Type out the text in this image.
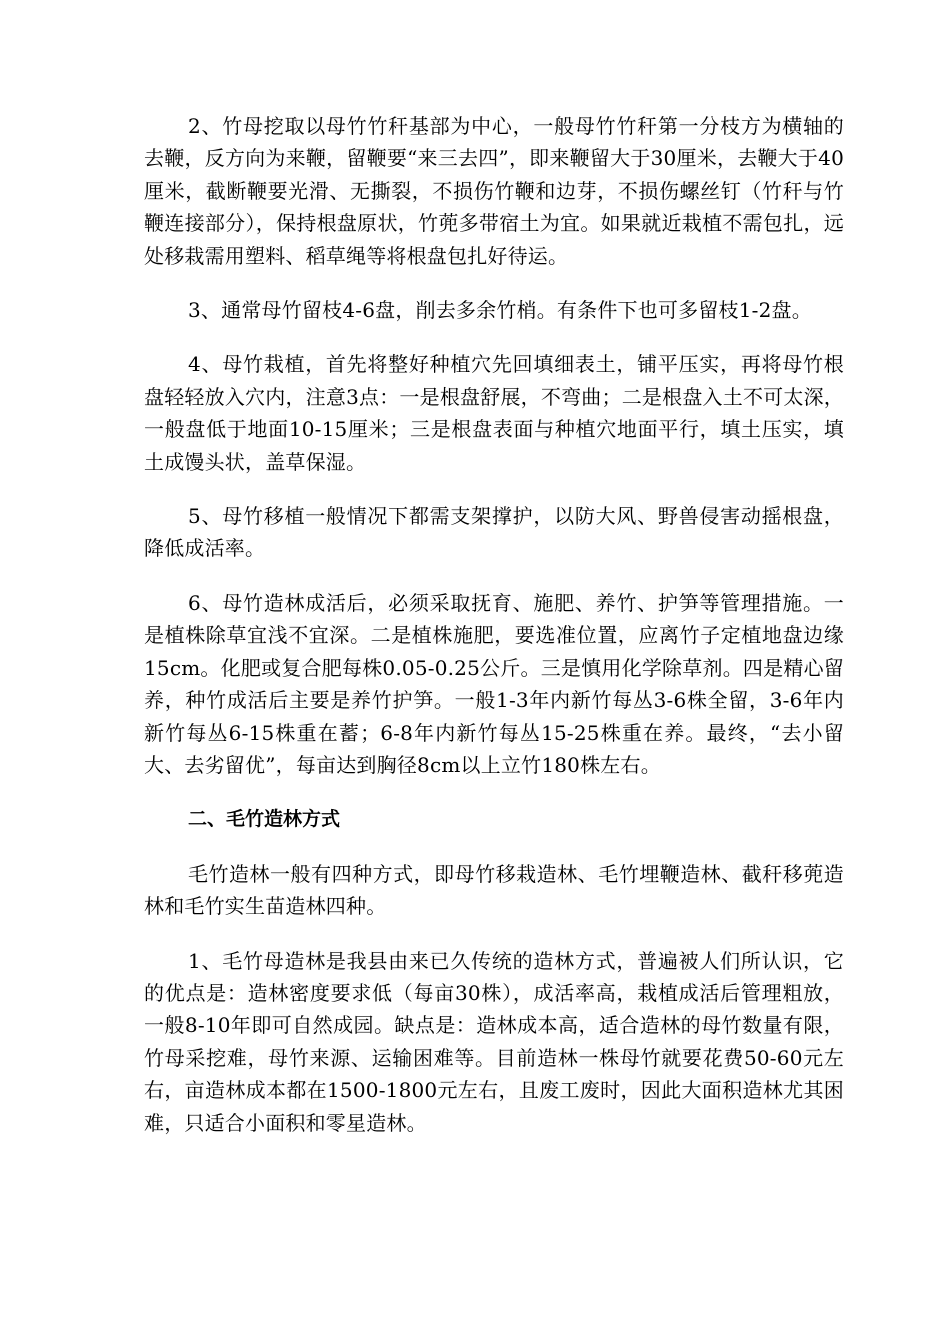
2、竹母挖取以母竹竹秆基部为中心，一般母竹竹秆第一分枝方为横轴的去鞭，反方向为来鞭，留鞭要“来三去四”，即来鞭留大于30厘米，去鞭大于40厘米，截断鞭要光滑、无撕裂，不损伤竹鞭和边芽，不损伤螺丝钉（竹秆与竹鞭连接部分），保持根盘原状，竹蔸多带宿土为宜。如果就近栽植不需包扎，远处移栽需用塑料、稻草绳等将根盘包扎好待运。

3、通常母竹留枝4-6盘，削去多余竹梢。有条件下也可多留枝1-2盘。

4、母竹栽植，首先将整好种植穴先回填细表土，铺平压实，再将母竹根盘轻轻放入穴内，注意3点：一是根盘舒展，不弯曲；二是根盘入土不可太深，一般盘低于地面10-15厘米；三是根盘表面与种植穴地面平行，填土压实，填土成馒头状，盖草保湿。

5、母竹移植一般情况下都需支架撑护，以防大风、野兽侵害动摇根盘，降低成活率。

6、母竹造林成活后，必须采取抚育、施肥、养竹、护笋等管理措施。一是植株除草宜浅不宜深。二是植株施肥，要选准位置，应离竹子定植地盘边缘15cm。化肥或复合肥每株0.05-0.25公斤。三是慎用化学除草剂。四是精心留养，种竹成活后主要是养竹护笋。一般1-3年内新竹每丛3-6株全留，3-6年内新竹每丛6-15株重在蓄；6-8年内新竹每丛15-25株重在养。最终，“去小留大、去劣留优”，每亩达到胸径8cm以上立竹180株左右。

二、毛竹造林方式

毛竹造林一般有四种方式，即母竹移栽造林、毛竹埋鞭造林、截秆移蔸造林和毛竹实生苗造林四种。

1、毛竹母造林是我县由来已久传统的造林方式，普遍被人们所认识，它的优点是：造林密度要求低（每亩30株），成活率高，栽植成活后管理粗放，一般8-10年即可自然成园。缺点是：造林成本高，适合造林的母竹数量有限，竹母采挖难，母竹来源、运输困难等。目前造林一株母竹就要花费50-60元左右，亩造林成本都在1500-1800元左右，且废工废时，因此大面积造林尤其困难，只适合小面积和零星造林。
